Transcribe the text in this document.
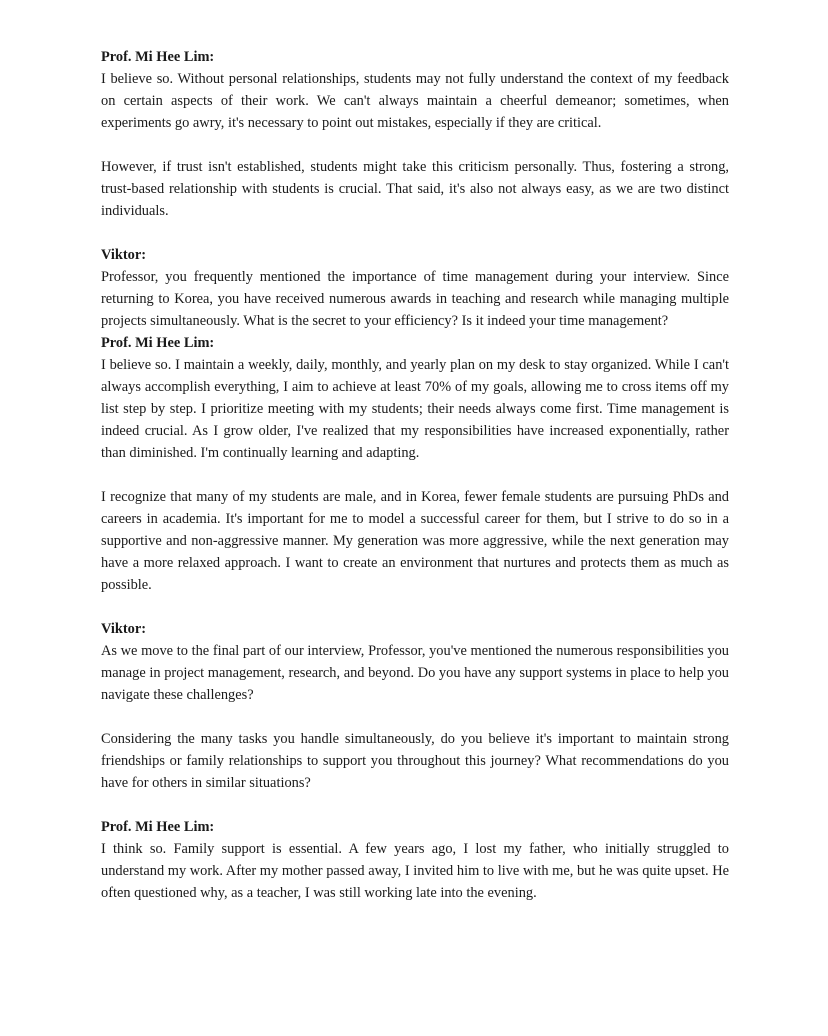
Prof. Mi Hee Lim:

I believe so. Without personal relationships, students may not fully understand the context of my feedback on certain aspects of their work. We can't always maintain a cheerful demeanor; sometimes, when experiments go awry, it's necessary to point out mistakes, especially if they are critical.

However, if trust isn't established, students might take this criticism personally. Thus, fostering a strong, trust-based relationship with students is crucial. That said, it's also not always easy, as we are two distinct individuals.

Viktor:

Professor, you frequently mentioned the importance of time management during your interview. Since returning to Korea, you have received numerous awards in teaching and research while managing multiple projects simultaneously. What is the secret to your efficiency? Is it indeed your time management?

Prof. Mi Hee Lim:

I believe so. I maintain a weekly, daily, monthly, and yearly plan on my desk to stay organized. While I can't always accomplish everything, I aim to achieve at least 70% of my goals, allowing me to cross items off my list step by step. I prioritize meeting with my students; their needs always come first. Time management is indeed crucial. As I grow older, I've realized that my responsibilities have increased exponentially, rather than diminished. I'm continually learning and adapting.

I recognize that many of my students are male, and in Korea, fewer female students are pursuing PhDs and careers in academia. It's important for me to model a successful career for them, but I strive to do so in a supportive and non-aggressive manner. My generation was more aggressive, while the next generation may have a more relaxed approach. I want to create an environment that nurtures and protects them as much as possible.

Viktor:

As we move to the final part of our interview, Professor, you've mentioned the numerous responsibilities you manage in project management, research, and beyond. Do you have any support systems in place to help you navigate these challenges?

Considering the many tasks you handle simultaneously, do you believe it's important to maintain strong friendships or family relationships to support you throughout this journey? What recommendations do you have for others in similar situations?

Prof. Mi Hee Lim:

I think so. Family support is essential. A few years ago, I lost my father, who initially struggled to understand my work. After my mother passed away, I invited him to live with me, but he was quite upset. He often questioned why, as a teacher, I was still working late into the evening.
